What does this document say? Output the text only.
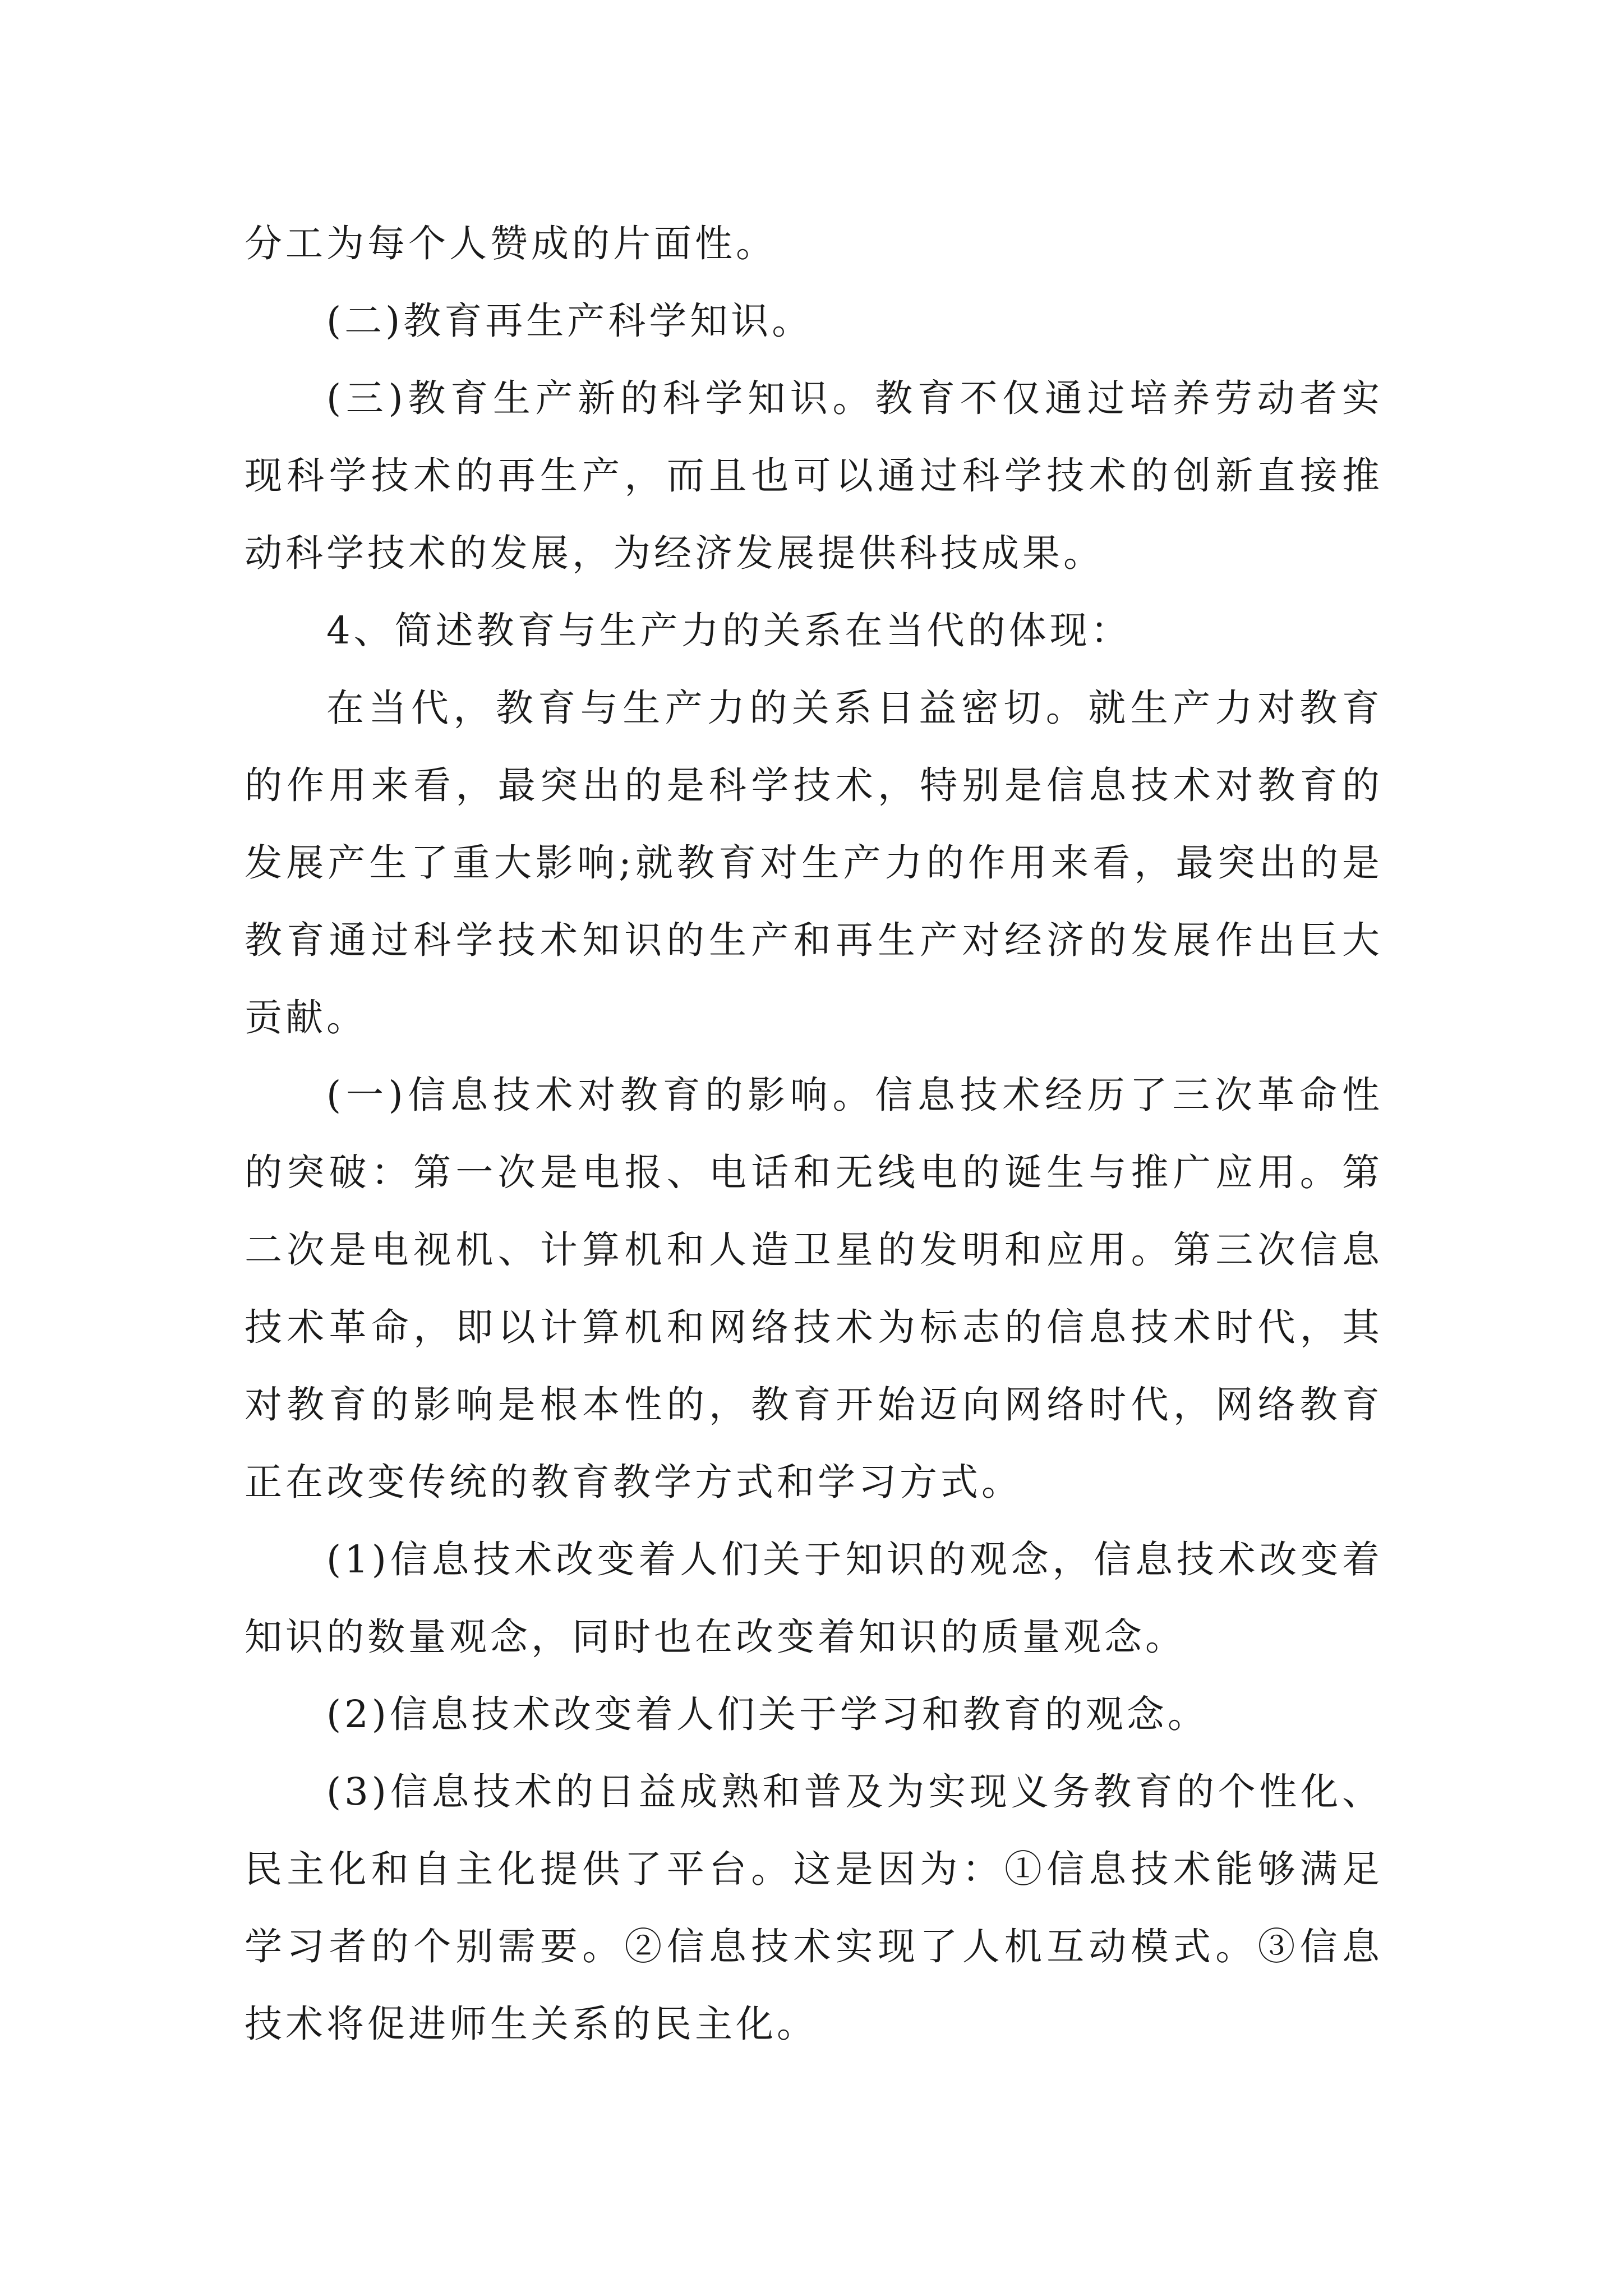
分工为每个人赞成的片面性。

(二)教育再生产科学知识。

(三)教育生产新的科学知识。教育不仅通过培养劳动者实现科学技术的再生产，而且也可以通过科学技术的创新直接推动科学技术的发展，为经济发展提供科技成果。

4、简述教育与生产力的关系在当代的体现：

在当代，教育与生产力的关系日益密切。就生产力对教育的作用来看，最突出的是科学技术，特别是信息技术对教育的发展产生了重大影响;就教育对生产力的作用来看，最突出的是教育通过科学技术知识的生产和再生产对经济的发展作出巨大贡献。

(一)信息技术对教育的影响。信息技术经历了三次革命性的突破：第一次是电报、电话和无线电的诞生与推广应用。第二次是电视机、计算机和人造卫星的发明和应用。第三次信息技术革命，即以计算机和网络技术为标志的信息技术时代，其对教育的影响是根本性的，教育开始迈向网络时代，网络教育正在改变传统的教育教学方式和学习方式。

(1)信息技术改变着人们关于知识的观念，信息技术改变着知识的数量观念，同时也在改变着知识的质量观念。

(2)信息技术改变着人们关于学习和教育的观念。

(3)信息技术的日益成熟和普及为实现义务教育的个性化、民主化和自主化提供了平台。这是因为：①信息技术能够满足学习者的个别需要。②信息技术实现了人机互动模式。③信息技术将促进师生关系的民主化。
